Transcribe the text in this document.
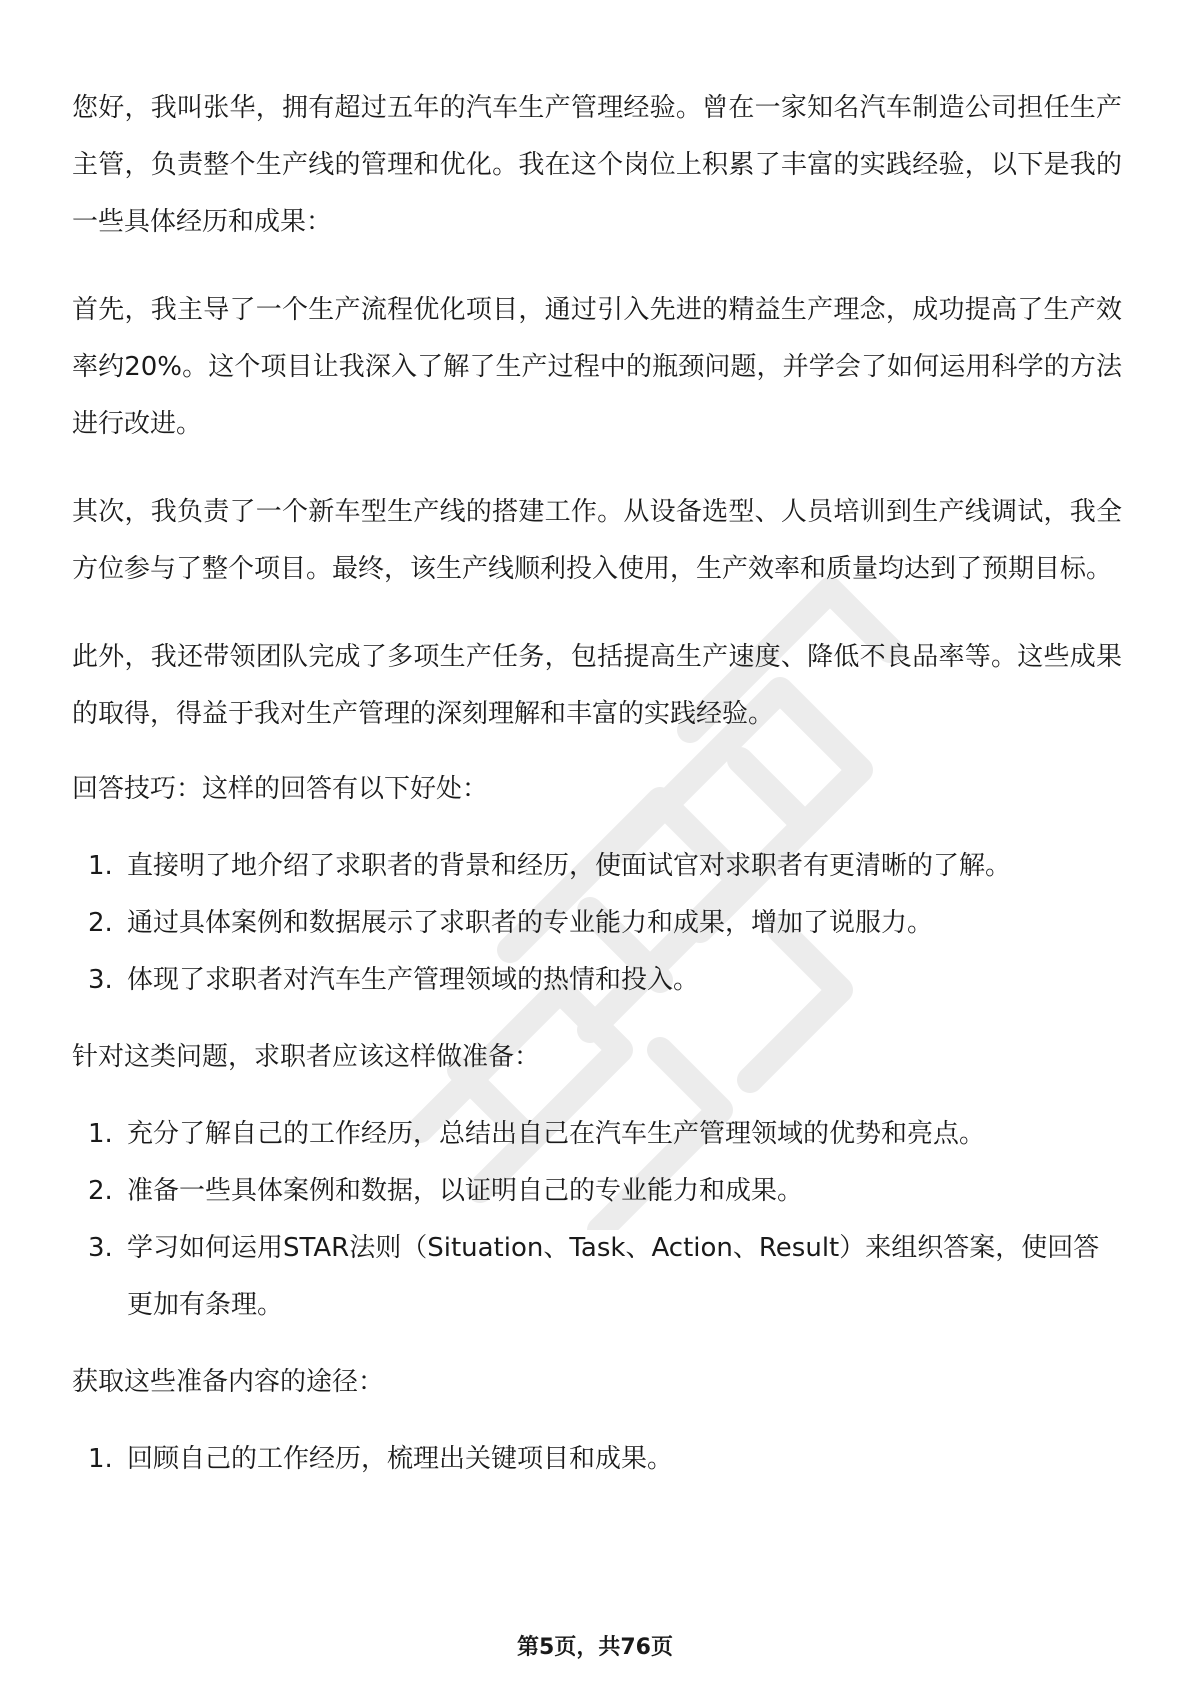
您好，我叫张华，拥有超过五年的汽车生产管理经验。曾在一家知名汽车制造公司担任生产主管，负责整个生产线的管理和优化。我在这个岗位上积累了丰富的实践经验，以下是我的一些具体经历和成果：

首先，我主导了一个生产流程优化项目，通过引入先进的精益生产理念，成功提高了生产效率约20%。这个项目让我深入了解了生产过程中的瓶颈问题，并学会了如何运用科学的方法进行改进。

其次，我负责了一个新车型生产线的搭建工作。从设备选型、人员培训到生产线调试，我全方位参与了整个项目。最终，该生产线顺利投入使用，生产效率和质量均达到了预期目标。

此外，我还带领团队完成了多项生产任务，包括提高生产速度、降低不良品率等。这些成果的取得，得益于我对生产管理的深刻理解和丰富的实践经验。

回答技巧：这样的回答有以下好处：

1. 直接明了地介绍了求职者的背景和经历，使面试官对求职者有更清晰的了解。
2. 通过具体案例和数据展示了求职者的专业能力和成果，增加了说服力。
3. 体现了求职者对汽车生产管理领域的热情和投入。

针对这类问题，求职者应该这样做准备：

1. 充分了解自己的工作经历，总结出自己在汽车生产管理领域的优势和亮点。
2. 准备一些具体案例和数据，以证明自己的专业能力和成果。
3. 学习如何运用STAR法则（Situation、Task、Action、Result）来组织答案，使回答更加有条理。

获取这些准备内容的途径：

1. 回顾自己的工作经历，梳理出关键项目和成果。
第5页，共76页
